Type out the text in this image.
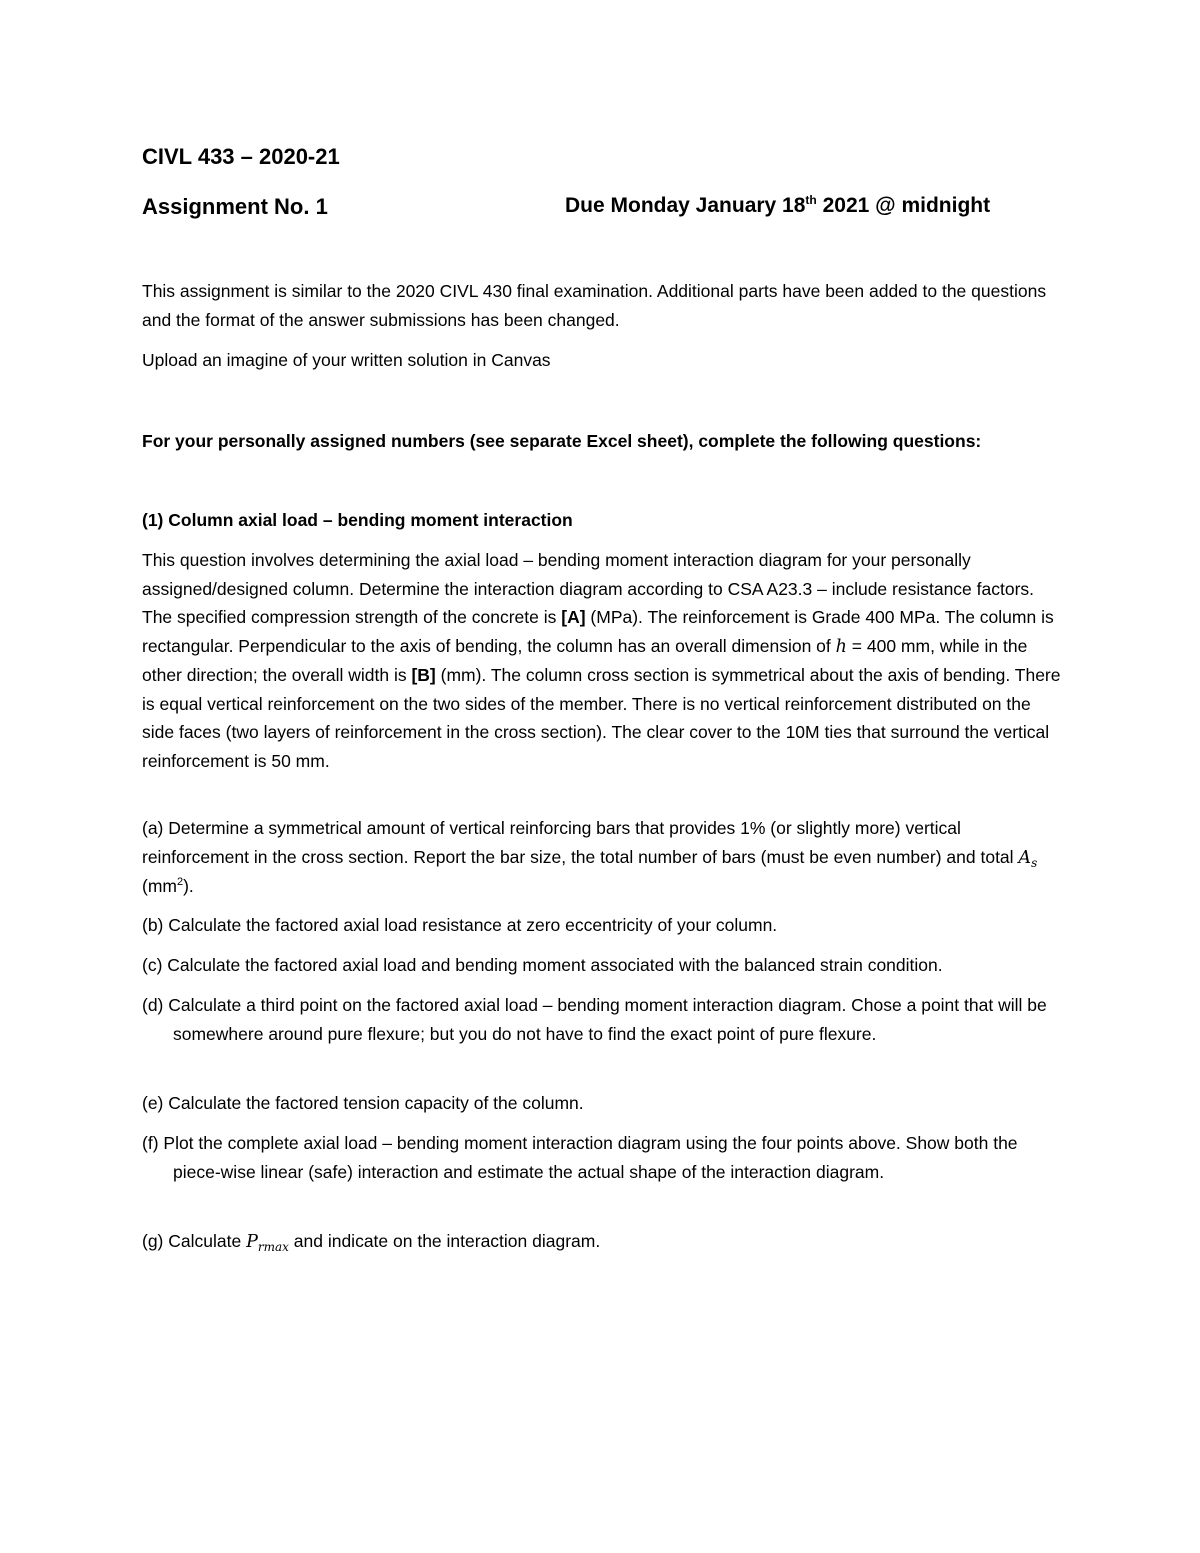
CIVL 433 – 2020-21
Assignment No. 1	Due Monday January 18th 2021 @ midnight

This assignment is similar to the 2020 CIVL 430 final examination. Additional parts have been added to the questions and the format of the answer submissions has been changed.

Upload an imagine of your written solution in Canvas

For your personally assigned numbers (see separate Excel sheet), complete the following questions:

(1) Column axial load – bending moment interaction

This question involves determining the axial load – bending moment interaction diagram for your personally assigned/designed column. Determine the interaction diagram according to CSA A23.3 – include resistance factors. The specified compression strength of the concrete is [A] (MPa). The reinforcement is Grade 400 MPa. The column is rectangular. Perpendicular to the axis of bending, the column has an overall dimension of h = 400 mm, while in the other direction; the overall width is [B] (mm). The column cross section is symmetrical about the axis of bending. There is equal vertical reinforcement on the two sides of the member. There is no vertical reinforcement distributed on the side faces (two layers of reinforcement in the cross section). The clear cover to the 10M ties that surround the vertical reinforcement is 50 mm.

(a) Determine a symmetrical amount of vertical reinforcing bars that provides 1% (or slightly more) vertical reinforcement in the cross section. Report the bar size, the total number of bars (must be even number) and total $A_s$ $(mm^2)$.

(b) Calculate the factored axial load resistance at zero eccentricity of your column.

(c) Calculate the factored axial load and bending moment associated with the balanced strain condition.

(d) Calculate a third point on the factored axial load – bending moment interaction diagram. Chose a point that will be somewhere around pure flexure; but you do not have to find the exact point of pure flexure.

(e) Calculate the factored tension capacity of the column.

(f) Plot the complete axial load – bending moment interaction diagram using the four points above. Show both the piece-wise linear (safe) interaction and estimate the actual shape of the interaction diagram.

(g) Calculate $P_{rmax}$ and indicate on the interaction diagram.
